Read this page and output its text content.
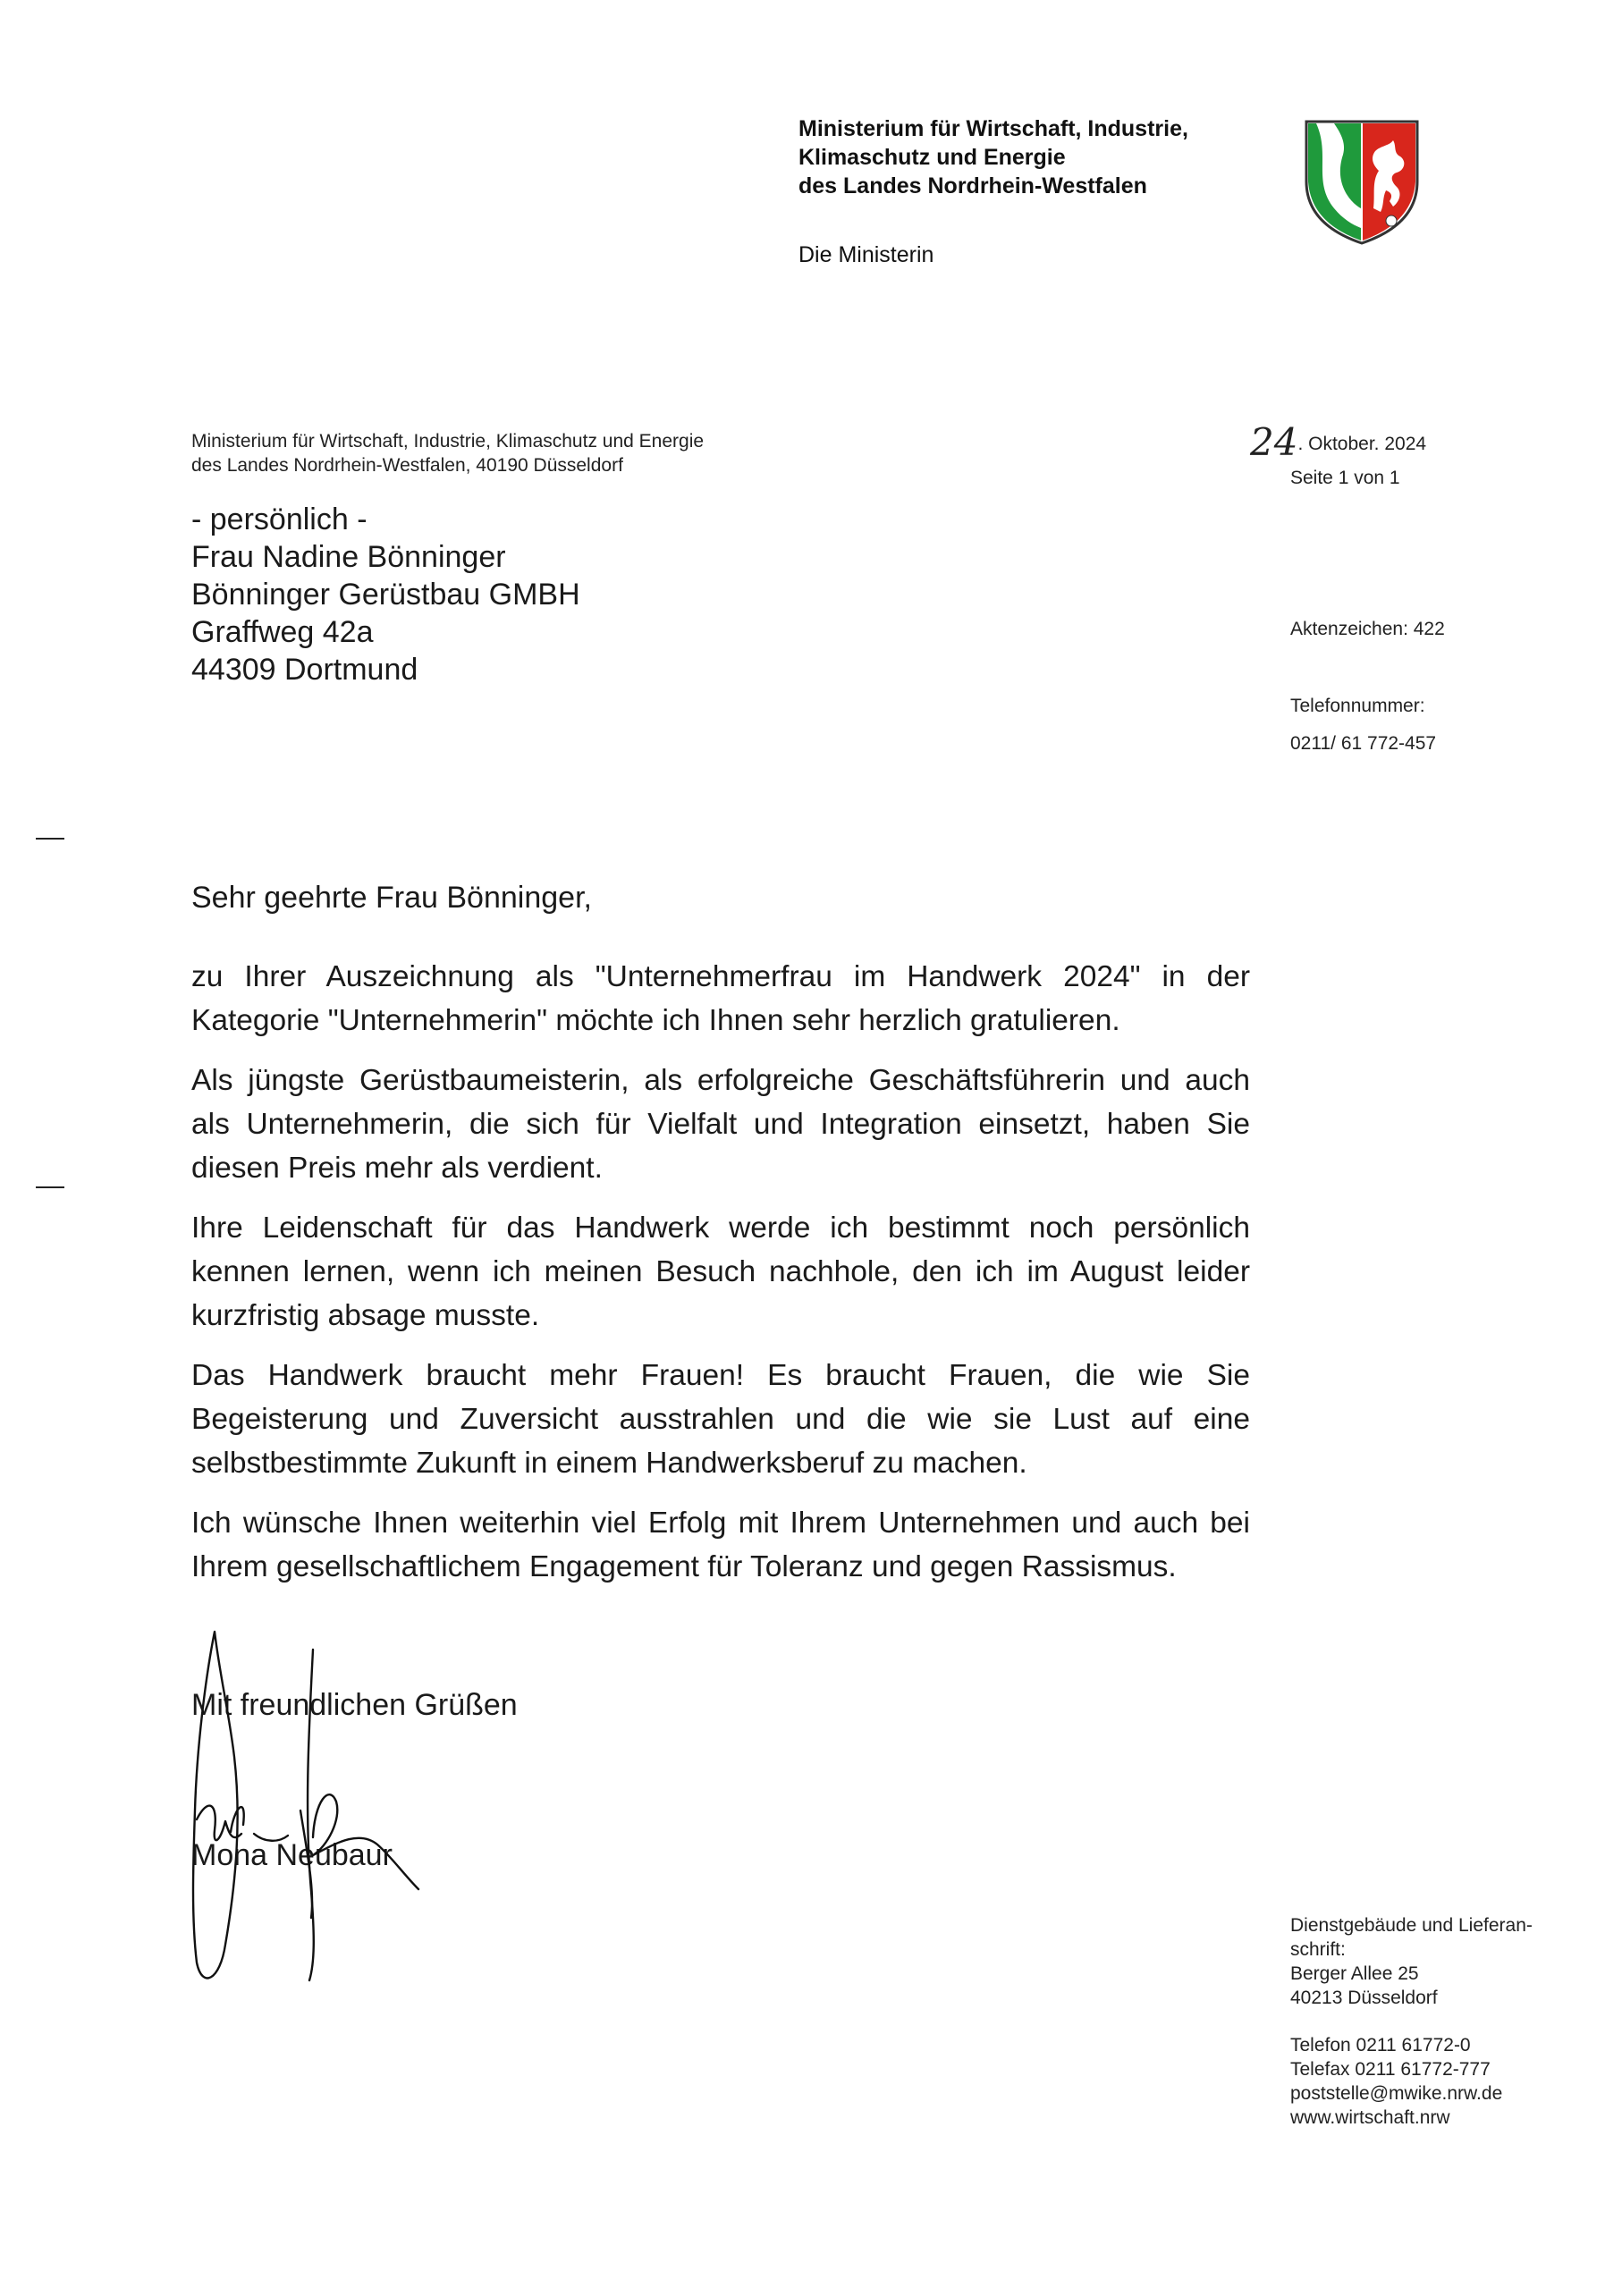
Ministerium für Wirtschaft, Industrie,
Klimaschutz und Energie
des Landes Nordrhein-Westfalen
Die Ministerin
Ministerium für Wirtschaft, Industrie, Klimaschutz und Energie
des Landes Nordrhein-Westfalen, 40190 Düsseldorf
24. Oktober. 2024
Seite 1 von 1
- persönlich -
Frau Nadine Bönninger
Bönninger Gerüstbau GMBH
Graffweg 42a
44309 Dortmund
Aktenzeichen: 422
Telefonnummer:
0211/ 61 772-457
Sehr geehrte Frau Bönninger,

zu Ihrer Auszeichnung als "Unternehmerfrau im Handwerk 2024" in der Kategorie "Unternehmerin" möchte ich Ihnen sehr herzlich gratulieren.

Als jüngste Gerüstbaumeisterin, als erfolgreiche Geschäftsführerin und auch als Unternehmerin, die sich für Vielfalt und Integration einsetzt, haben Sie diesen Preis mehr als verdient.

Ihre Leidenschaft für das Handwerk werde ich bestimmt noch persönlich kennen lernen, wenn ich meinen Besuch nachhole, den ich im August leider kurzfristig absage musste.

Das Handwerk braucht mehr Frauen! Es braucht Frauen, die wie Sie Begeisterung und Zuversicht ausstrahlen und die wie sie Lust auf eine selbstbestimmte Zukunft in einem Handwerksberuf zu machen.

Ich wünsche Ihnen weiterhin viel Erfolg mit Ihrem Unternehmen und auch bei Ihrem gesellschaftlichem Engagement für Toleranz und gegen Rassismus.

Mit freundlichen Grüßen
Mona Neubaur
Dienstgebäude und Lieferan-
schrift:
Berger Allee 25
40213 Düsseldorf
Telefon 0211 61772-0
Telefax 0211 61772-777
poststelle@mwike.nrw.de
www.wirtschaft.nrw
